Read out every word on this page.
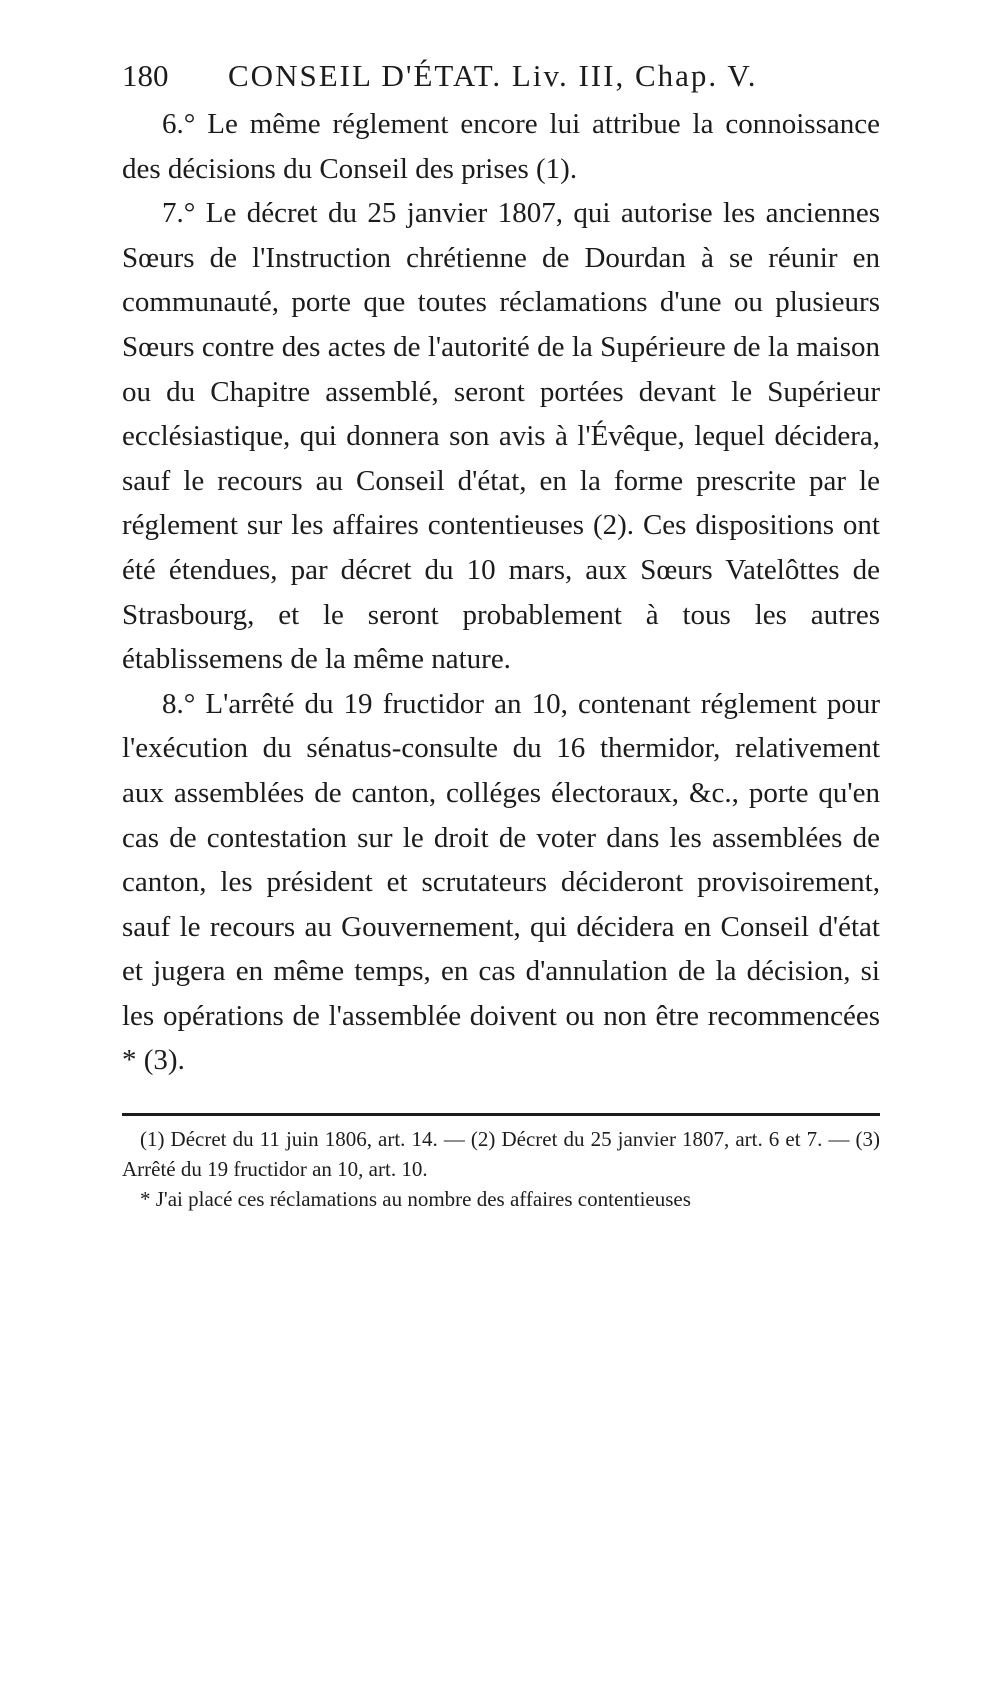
180	CONSEIL D'ÉTAT. Liv. III, Chap. V.

6.° Le même réglement encore lui attribue la connoissance des décisions du Conseil des prises (1).

7.° Le décret du 25 janvier 1807, qui autorise les anciennes Sœurs de l'Instruction chrétienne de Dourdan à se réunir en communauté, porte que toutes réclamations d'une ou plusieurs Sœurs contre des actes de l'autorité de la Supérieure de la maison ou du Chapitre assemblé, seront portées devant le Supérieur ecclésiastique, qui donnera son avis à l'Évêque, lequel décidera, sauf le recours au Conseil d'état, en la forme prescrite par le réglement sur les affaires contentieuses (2). Ces dispositions ont été étendues, par décret du 10 mars, aux Sœurs Vatelôttes de Strasbourg, et le seront probablement à tous les autres établissemens de la même nature.

8.° L'arrêté du 19 fructidor an 10, contenant réglement pour l'exécution du sénatus-consulte du 16 thermidor, relativement aux assemblées de canton, colléges électoraux, &c., porte qu'en cas de contestation sur le droit de voter dans les assemblées de canton, les président et scrutateurs décideront provisoirement, sauf le recours au Gouvernement, qui décidera en Conseil d'état et jugera en même temps, en cas d'annulation de la décision, si les opérations de l'assemblée doivent ou non être recommencées * (3).

(1) Décret du 11 juin 1806, art. 14. — (2) Décret du 25 janvier 1807, art. 6 et 7. — (3) Arrêté du 19 fructidor an 10, art. 10.

* J'ai placé ces réclamations au nombre des affaires contentieuses
